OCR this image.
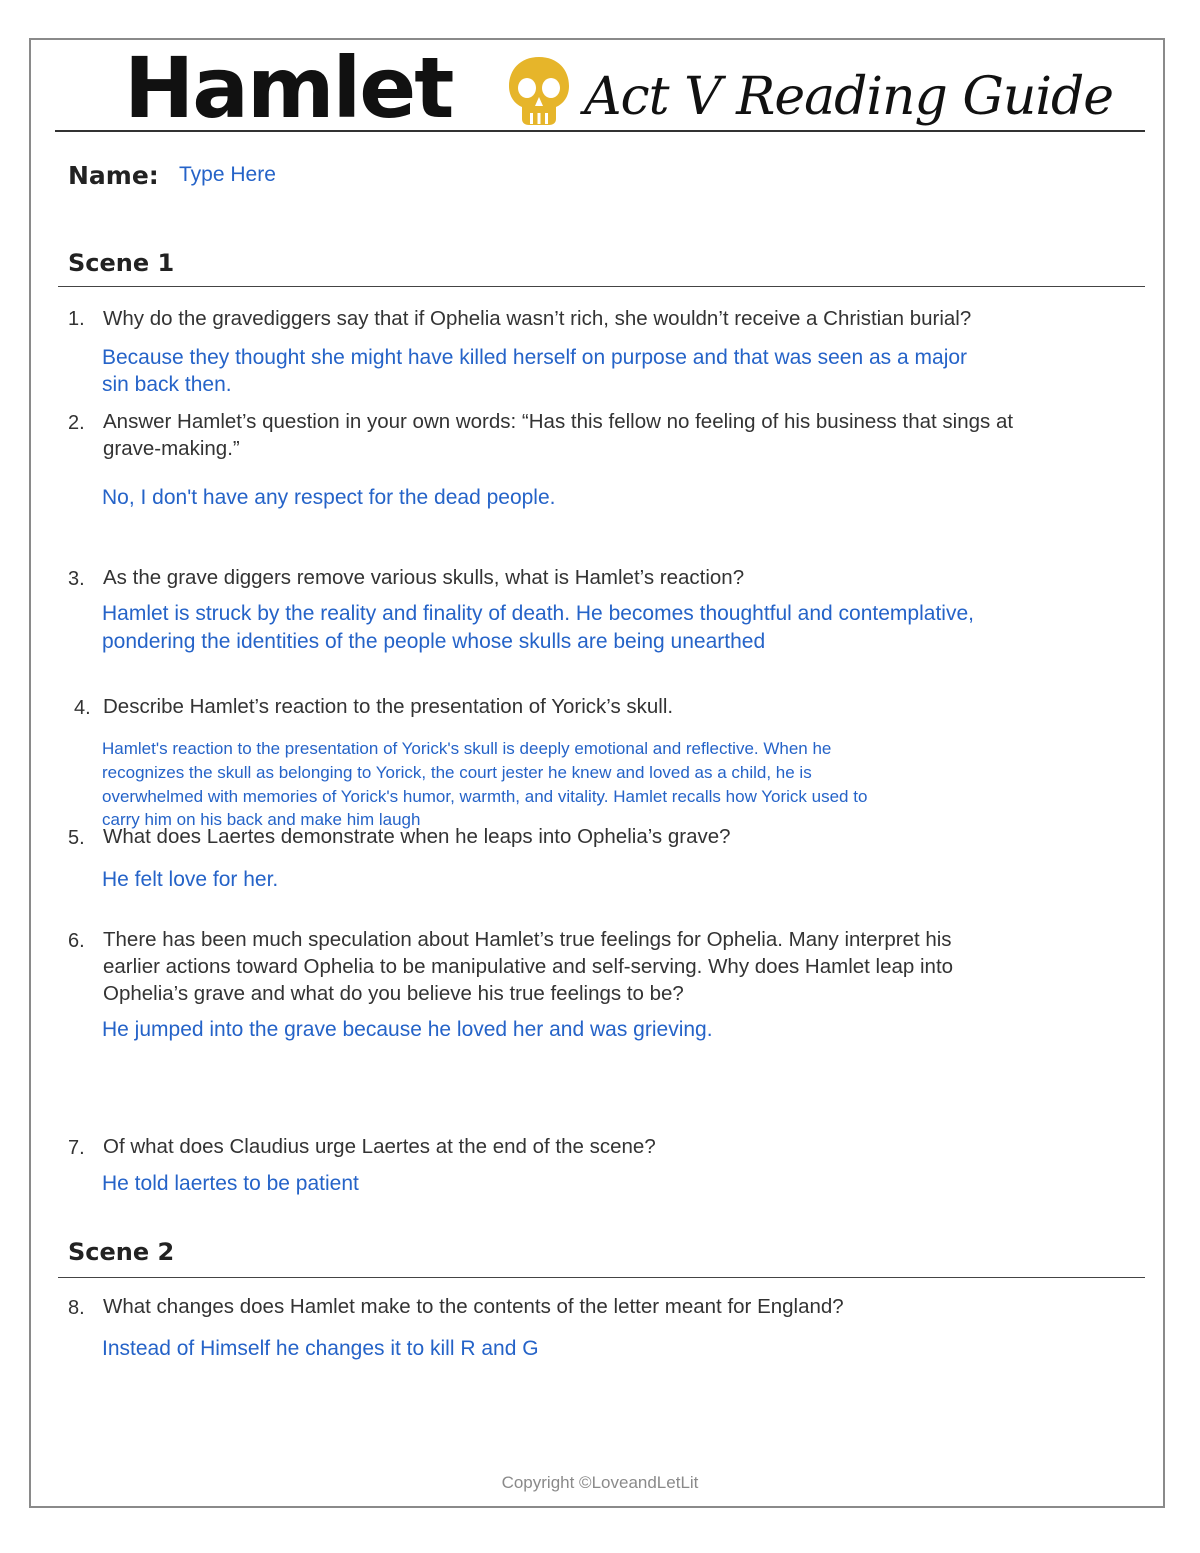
Hamlet	Act V Reading Guide
Name: Type Here
Scene 1
1. Why do the gravediggers say that if Ophelia wasn’t rich, she wouldn’t receive a Christian burial?
Because they thought she might have killed herself on purpose and that was seen as a major
sin back then.
2. Answer Hamlet’s question in your own words: “Has this fellow no feeling of his business that sings at
grave-making.”
No, I don't have any respect for the dead people.
3. As the grave diggers remove various skulls, what is Hamlet’s reaction?
Hamlet is struck by the reality and finality of death. He becomes thoughtful and contemplative,
pondering the identities of the people whose skulls are being unearthed
4. Describe Hamlet’s reaction to the presentation of Yorick’s skull.
Hamlet's reaction to the presentation of Yorick's skull is deeply emotional and reflective. When he
recognizes the skull as belonging to Yorick, the court jester he knew and loved as a child, he is
overwhelmed with memories of Yorick's humor, warmth, and vitality. Hamlet recalls how Yorick used to
carry him on his back and make him laugh
5. What does Laertes demonstrate when he leaps into Ophelia’s grave?
He felt love for her.
6. There has been much speculation about Hamlet’s true feelings for Ophelia. Many interpret his
earlier actions toward Ophelia to be manipulative and self-serving. Why does Hamlet leap into
Ophelia’s grave and what do you believe his true feelings to be?
He jumped into the grave because he loved her and was grieving.
7. Of what does Claudius urge Laertes at the end of the scene?
He told laertes to be patient
Scene 2
8. What changes does Hamlet make to the contents of the letter meant for England?
Instead of Himself he changes it to kill R and G
Copyright ©LoveandLetLit
